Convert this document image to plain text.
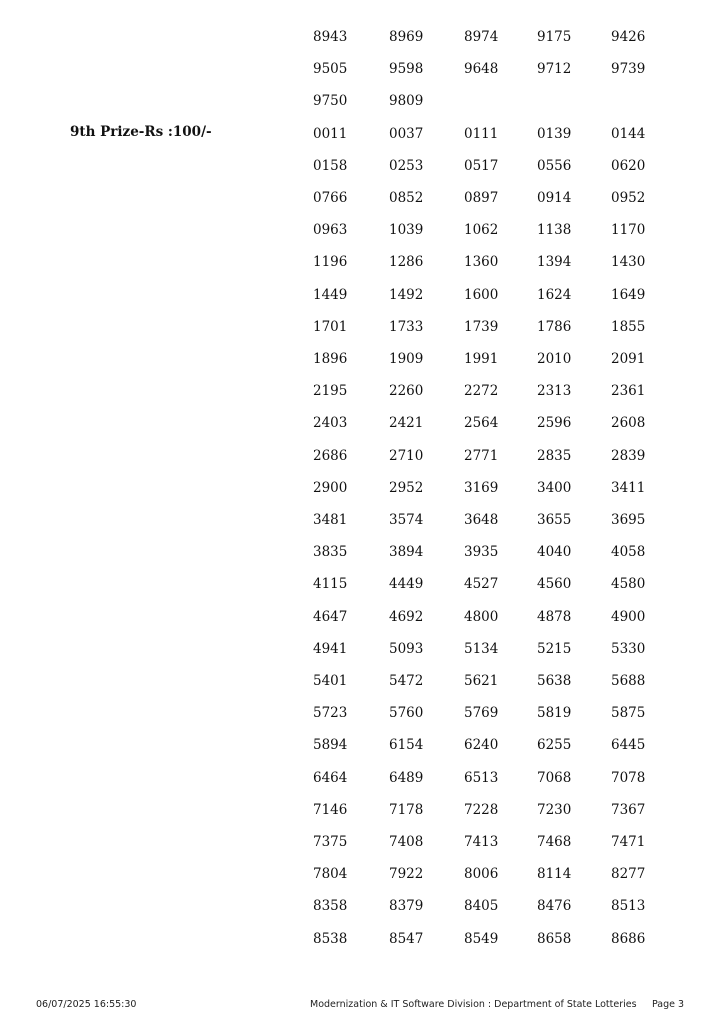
8943	8969	8974	9175	9426
9505	9598	9648	9712	9739
9750	9809
9th Prize-Rs :100/-	0011	0037	0111	0139	0144
0158	0253	0517	0556	0620
0766	0852	0897	0914	0952
0963	1039	1062	1138	1170
1196	1286	1360	1394	1430
1449	1492	1600	1624	1649
1701	1733	1739	1786	1855
1896	1909	1991	2010	2091
2195	2260	2272	2313	2361
2403	2421	2564	2596	2608
2686	2710	2771	2835	2839
2900	2952	3169	3400	3411
3481	3574	3648	3655	3695
3835	3894	3935	4040	4058
4115	4449	4527	4560	4580
4647	4692	4800	4878	4900
4941	5093	5134	5215	5330
5401	5472	5621	5638	5688
5723	5760	5769	5819	5875
5894	6154	6240	6255	6445
6464	6489	6513	7068	7078
7146	7178	7228	7230	7367
7375	7408	7413	7468	7471
7804	7922	8006	8114	8277
8358	8379	8405	8476	8513
8538	8547	8549	8658	8686
06/07/2025 16:55:30	Modernization & IT Software Division : Department of State Lotteries Page 3
